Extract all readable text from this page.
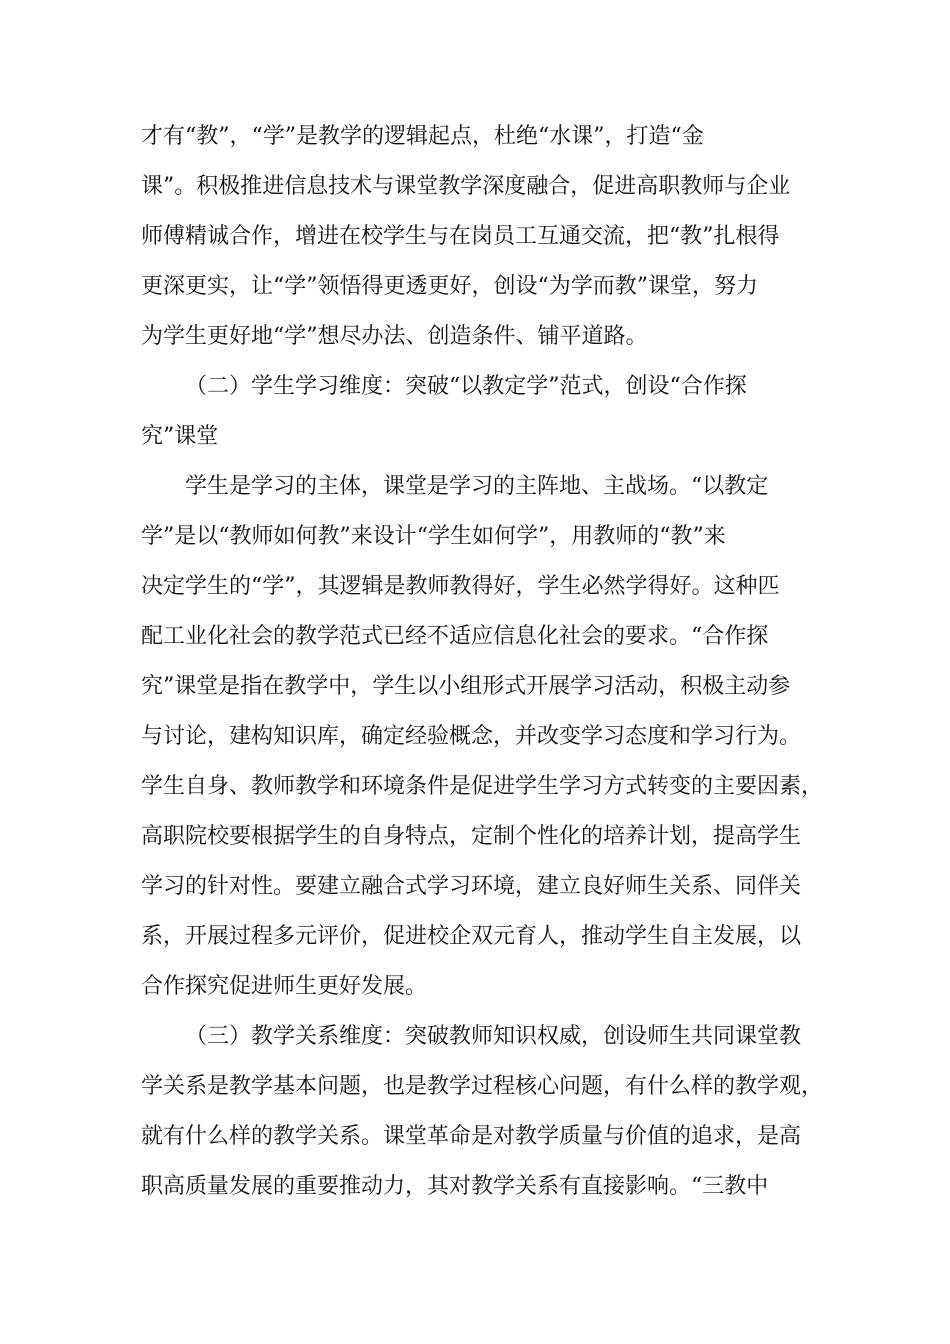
才有“教”，“学”是教学的逻辑起点，杜绝“水课”，打造“金
课”。积极推进信息技术与课堂教学深度融合，促进高职教师与企业
师傅精诚合作，增进在校学生与在岗员工互通交流，把“教”扎根得
更深更实，让“学”领悟得更透更好，创设“为学而教”课堂，努力
为学生更好地“学”想尽办法、创造条件、铺平道路。
（二）学生学习维度：突破“以教定学”范式，创设“合作探
究”课堂
学生是学习的主体，课堂是学习的主阵地、主战场。“以教定
学”是以“教师如何教”来设计“学生如何学”，用教师的“教”来
决定学生的“学”，其逻辑是教师教得好，学生必然学得好。这种匹
配工业化社会的教学范式已经不适应信息化社会的要求。“合作探
究”课堂是指在教学中，学生以小组形式开展学习活动，积极主动参
与讨论，建构知识库，确定经验概念，并改变学习态度和学习行为。
学生自身、教师教学和环境条件是促进学生学习方式转变的主要因素，
高职院校要根据学生的自身特点，定制个性化的培养计划，提高学生
学习的针对性。要建立融合式学习环境，建立良好师生关系、同伴关
系，开展过程多元评价，促进校企双元育人，推动学生自主发展，以
合作探究促进师生更好发展。
（三）教学关系维度：突破教师知识权威，创设师生共同课堂教
学关系是教学基本问题，也是教学过程核心问题，有什么样的教学观，
就有什么样的教学关系。课堂革命是对教学质量与价值的追求，是高
职高质量发展的重要推动力，其对教学关系有直接影响。“三教中
